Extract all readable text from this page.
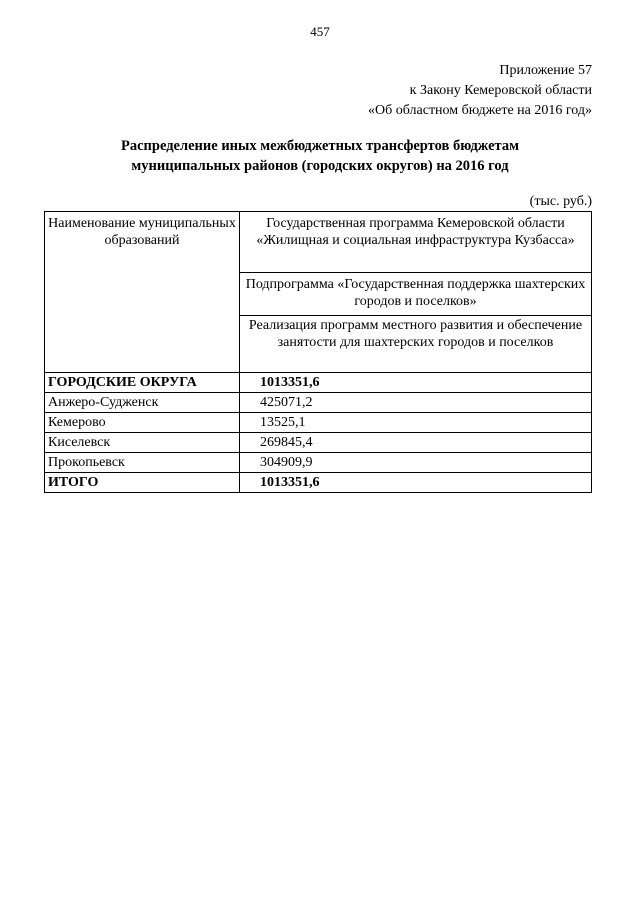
457
Приложение 57
к Закону Кемеровской области
«Об областном бюджете на 2016 год»
Распределение иных межбюджетных трансфертов бюджетам
муниципальных районов (городских округов) на 2016 год
(тыс. руб.)
Наименование муниципальных образований	Государственная программа Кемеровской области «Жилищная и социальная инфраструктура Кузбасса»
	Подпрограмма «Государственная поддержка шахтерских городов и поселков»
	Реализация программ местного развития и обеспечение занятости для шахтерских городов и поселков
ГОРОДСКИЕ ОКРУГА	1013351,6
Анжеро-Судженск	425071,2
Кемерово	13525,1
Киселевск	269845,4
Прокопьевск	304909,9
ИТОГО	1013351,6
